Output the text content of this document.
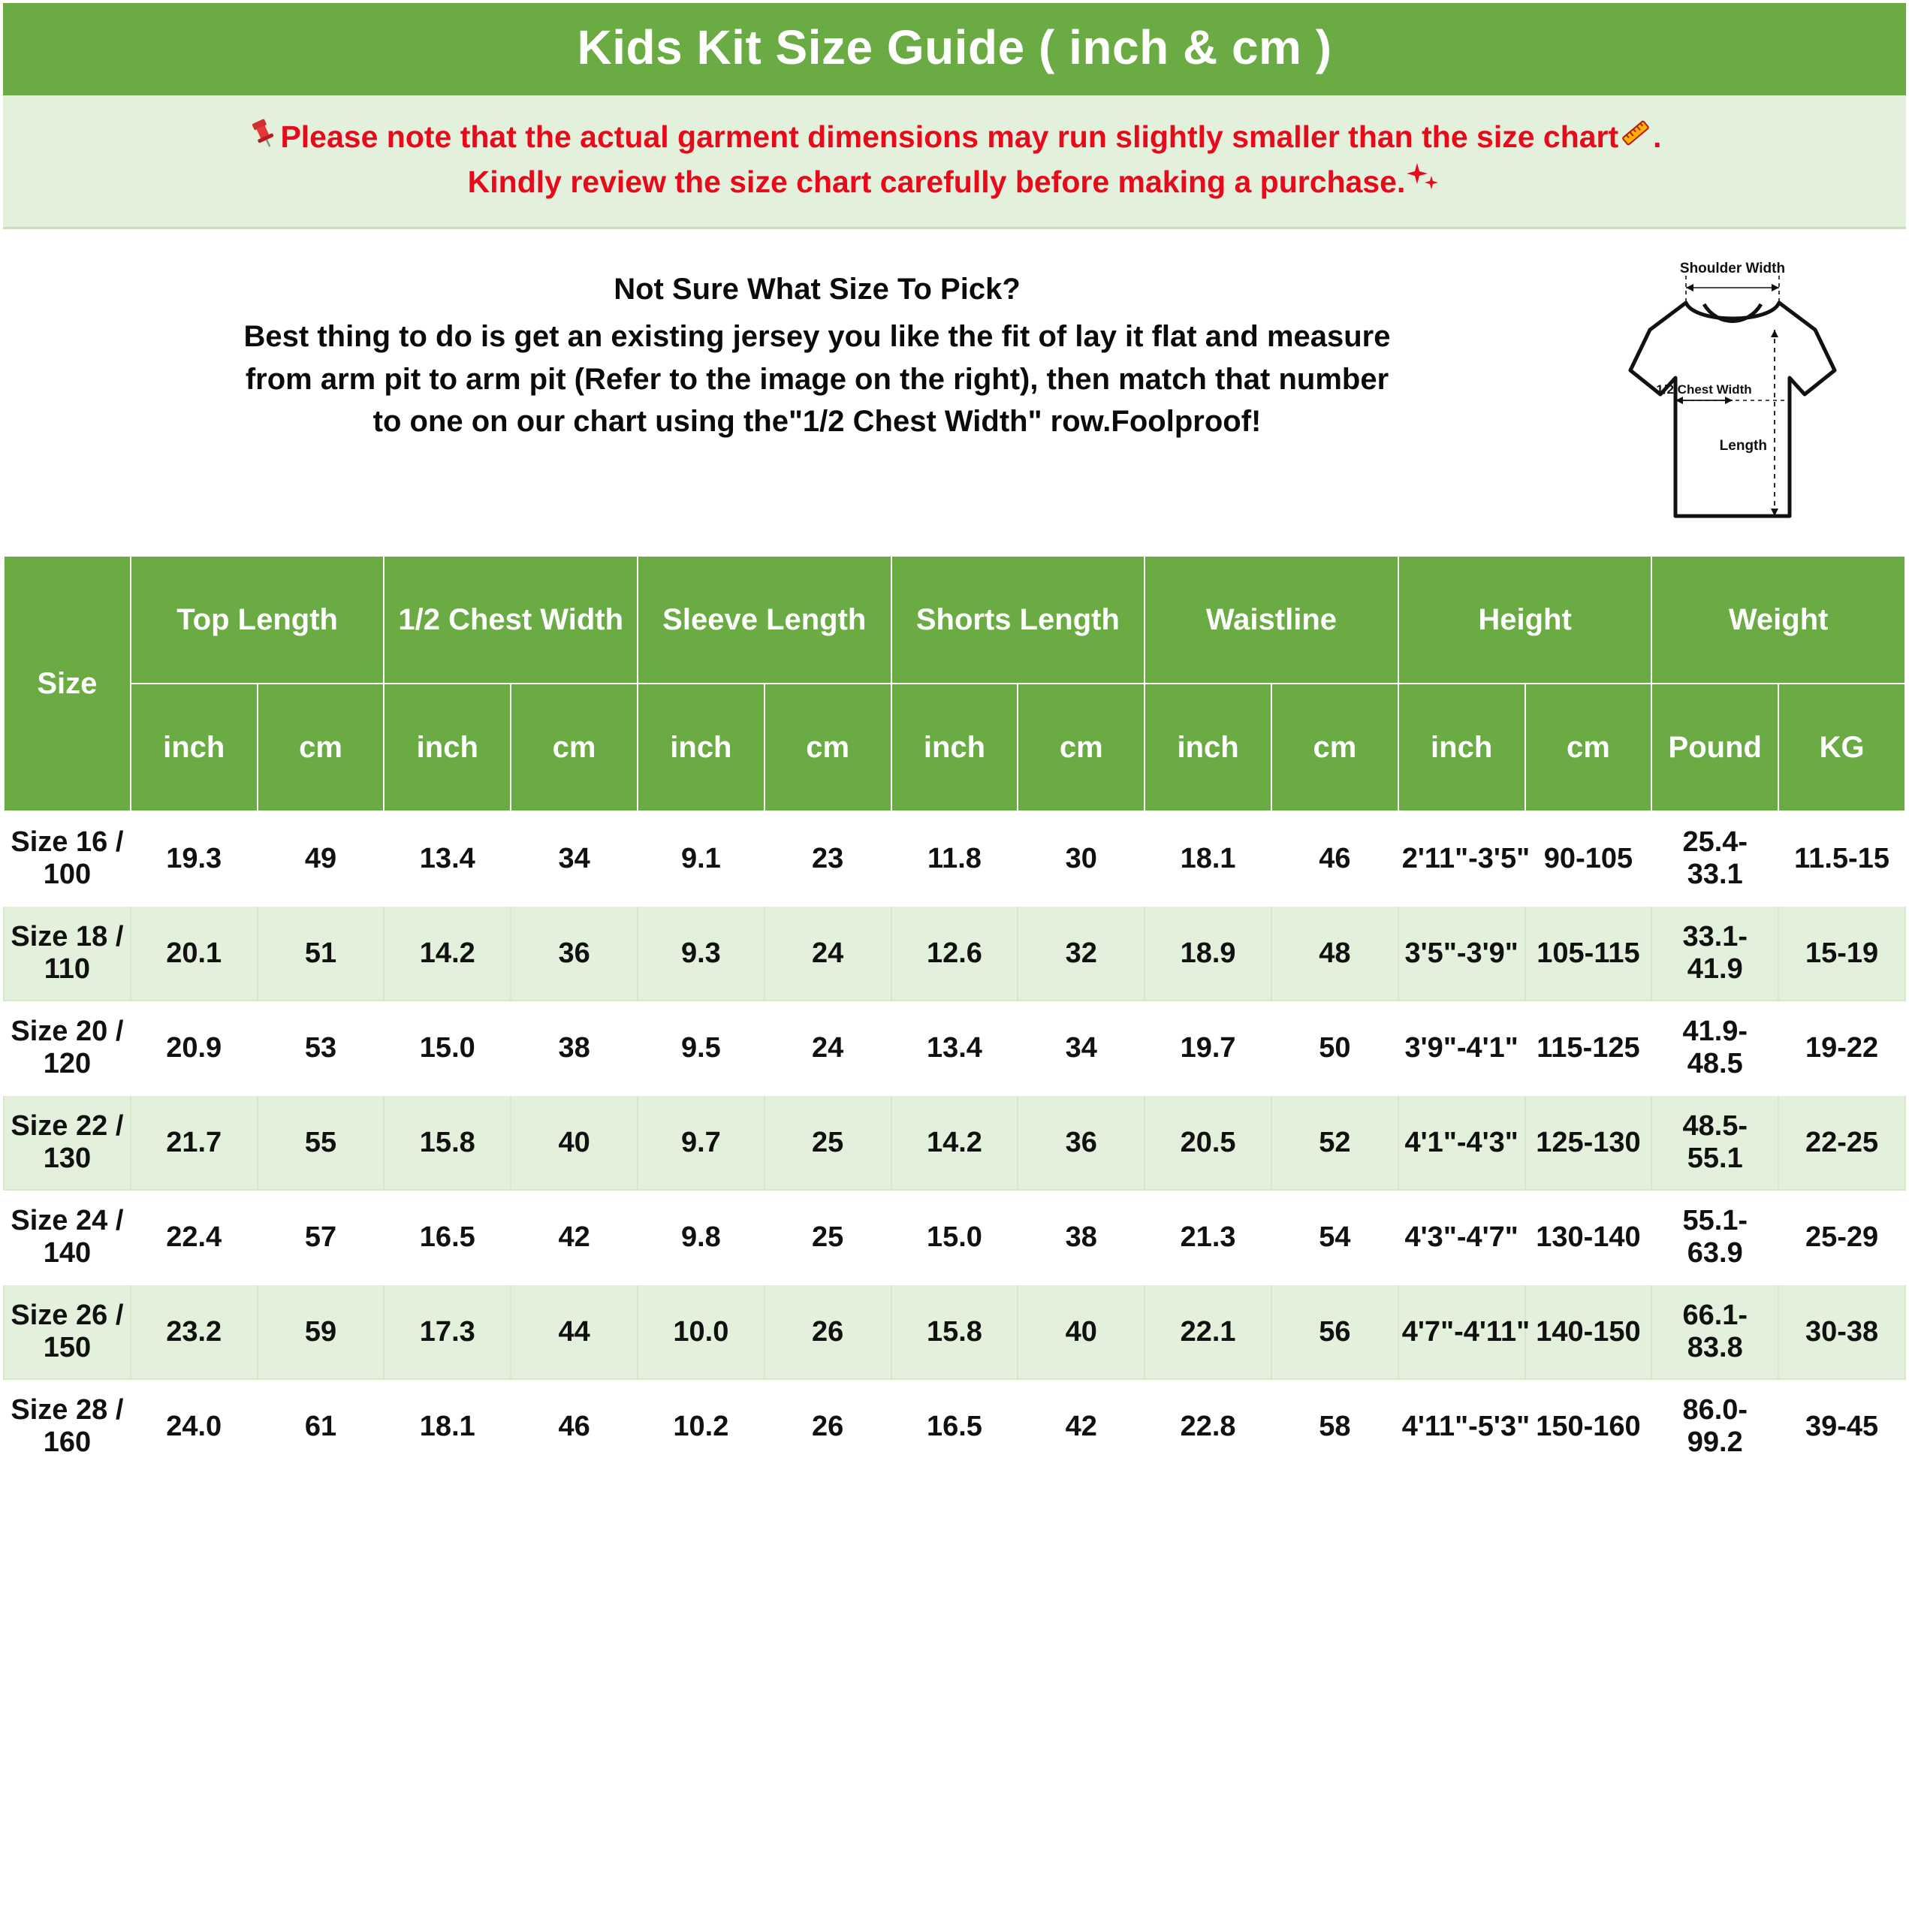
Kids Kit Size Guide ( inch & cm )
Please note that the actual garment dimensions may run slightly smaller than the size chart .
Kindly review the size chart carefully before making a purchase.
Not Sure What Size To Pick?
Best thing to do is get an existing jersey you like the fit of lay it flat and measure
from arm pit to arm pit (Refer to the image on the right), then match that number
to one on our chart using the"1/2 Chest Width" row.Foolproof!
Shoulder Width
1/2 Chest Width
Length
Size	Top Length		1/2 Chest Width		Sleeve Length		Shorts Length		Waistline		Height		Weight	
	inch	cm	inch	cm	inch	cm	inch	cm	inch	cm	inch	cm	Pound	KG
Size 16 / 100	19.3	49	13.4	34	9.1	23	11.8	30	18.1	46	2'11"-3'5"	90-105	25.4-33.1	11.5-15
Size 18 / 110	20.1	51	14.2	36	9.3	24	12.6	32	18.9	48	3'5"-3'9"	105-115	33.1-41.9	15-19
Size 20 / 120	20.9	53	15.0	38	9.5	24	13.4	34	19.7	50	3'9"-4'1"	115-125	41.9-48.5	19-22
Size 22 / 130	21.7	55	15.8	40	9.7	25	14.2	36	20.5	52	4'1"-4'3"	125-130	48.5-55.1	22-25
Size 24 / 140	22.4	57	16.5	42	9.8	25	15.0	38	21.3	54	4'3"-4'7"	130-140	55.1-63.9	25-29
Size 26 / 150	23.2	59	17.3	44	10.0	26	15.8	40	22.1	56	4'7"-4'11"	140-150	66.1-83.8	30-38
Size 28 / 160	24.0	61	18.1	46	10.2	26	16.5	42	22.8	58	4'11"-5'3"	150-160	86.0-99.2	39-45
